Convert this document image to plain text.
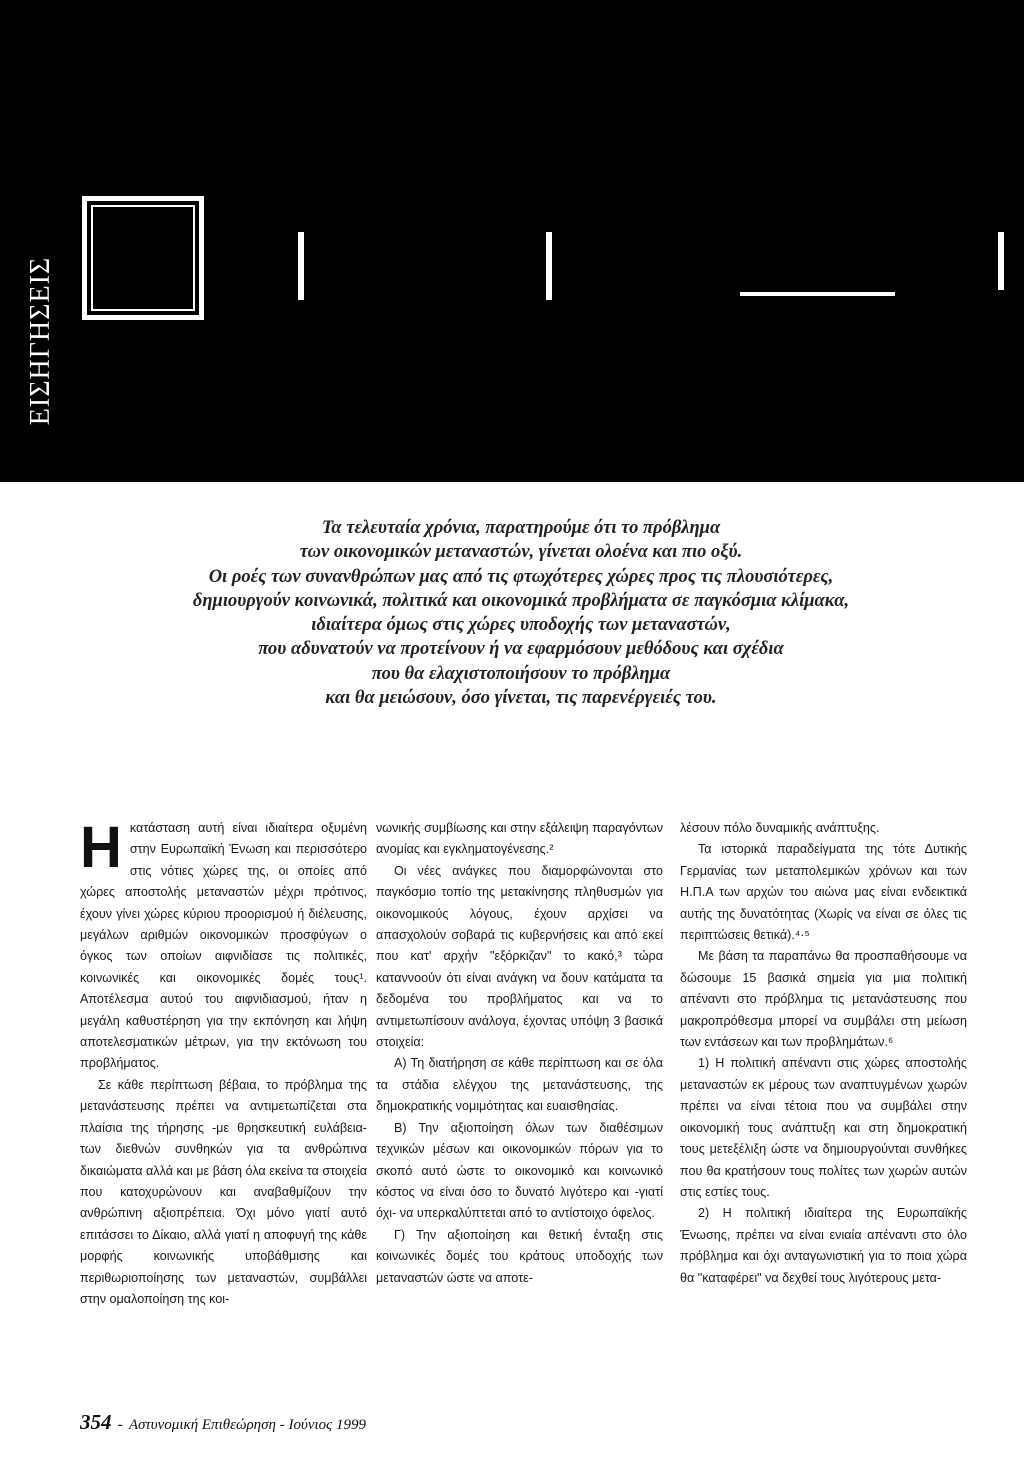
ΕΙΣΗΓΗΣΕΙΣ

Τα τελευταία χρόνια, παρατηρούμε ότι το πρόβλημα

των οικονομικών μεταναστών, γίνεται ολοένα και πιο οξύ.

Οι ροές των συνανθρώπων μας από τις φτωχότερες χώρες προς τις πλουσιότερες,

δημιουργούν κοινωνικά, πολιτικά και οικονομικά προβλήματα σε παγκόσμια κλίμακα,

ιδιαίτερα όμως στις χώρες υποδοχής των μεταναστών,

που αδυνατούν να προτείνουν ή να εφαρμόσουν μεθόδους και σχέδια

που θα ελαχιστοποιήσουν το πρόβλημα

και θα μειώσουν, όσο γίνεται, τις παρενέργειές του.

Η κατάσταση αυτή είναι ιδιαίτερα οξυμένη στην Ευρωπαϊκή Ένωση και περισσότερο στις νότιες χώρες της, οι οποίες από χώρες αποστολής μεταναστών μέχρι πρότινος, έχουν γίνει χώρες κύριου προορισμού ή διέλευσης, μεγάλων αριθμών οικονομικών προσφύγων ο όγκος των οποίων αιφνιδίασε τις πολιτικές, κοινωνικές και οικονομικές δομές τους¹. Αποτέλεσμα αυτού του αιφνιδιασμού, ήταν η μεγάλη καθυστέρηση για την εκπόνηση και λήψη αποτελεσματικών μέτρων, για την εκτόνωση του προβλήματος.

Σε κάθε περίπτωση βέβαια, το πρόβλημα της μετανάστευσης πρέπει να αντιμετωπίζεται στα πλαίσια της τήρησης -με θρησκευτική ευλάβεια- των διεθνών συνθηκών για τα ανθρώπινα δικαιώματα αλλά και με βάση όλα εκείνα τα στοιχεία που κατοχυρώνουν και αναβαθμίζουν την ανθρώπινη αξιοπρέπεια. Όχι μόνο γιατί αυτό επιτάσσει το Δίκαιο, αλλά γιατί η αποφυγή της κάθε μορφής κοινωνικής υποβάθμισης και περιθωριοποίησης των μεταναστών, συμβάλλει στην ομαλοποίηση της κοι-

νωνικής συμβίωσης και στην εξάλειψη παραγόντων ανομίας και εγκληματογένεσης.²

Οι νέες ανάγκες που διαμορφώνονται στο παγκόσμιο τοπίο της μετακίνησης πληθυσμών για οικονομικούς λόγους, έχουν αρχίσει να απασχολούν σοβαρά τις κυβερνήσεις και από εκεί που κατ' αρχήν "εξόρκιζαν" το κακό,³ τώρα καταννοούν ότι είναι ανάγκη να δουν κατάματα τα δεδομένα του προβλήματος και να το αντιμετωπίσουν ανάλογα, έχοντας υπόψη 3 βασικά στοιχεία:

Α) Τη διατήρηση σε κάθε περίπτωση και σε όλα τα στάδια ελέγχου της μετανάστευσης, της δημοκρατικής νομιμότητας και ευαισθησίας.

Β) Την αξιοποίηση όλων των διαθέσιμων τεχνικών μέσων και οικονομικών πόρων για το σκοπό αυτό ώστε το οικονομικό και κοινωνικό κόστος να είναι όσο το δυνατό λιγότερο και -γιατί όχι- να υπερκαλύπτεται από το αντίστοιχο όφελος.

Γ) Την αξιοποίηση και θετική ένταξη στις κοινωνικές δομές του κράτους υποδοχής των μεταναστών ώστε να αποτε-

λέσουν πόλο δυναμικής ανάπτυξης.

Τα ιστορικά παραδείγματα της τότε Δυτικής Γερμανίας των μεταπολεμικών χρόνων και των Η.Π.Α των αρχών του αιώνα μας είναι ενδεικτικά αυτής της δυνατότητας (Χωρίς να είναι σε όλες τις περιπτώσεις θετικά).⁴·⁵

Με βάση τα παραπάνω θα προσπαθήσουμε να δώσουμε 15 βασικά σημεία για μια πολιτική απέναντι στο πρόβλημα τις μετανάστευσης που μακροπρόθεσμα μπορεί να συμβάλει στη μείωση των εντάσεων και των προβλημάτων.⁶

1) Η πολιτική απέναντι στις χώρες αποστολής μεταναστών εκ μέρους των αναπτυγμένων χωρών πρέπει να είναι τέτοια που να συμβάλει στην οικονομική τους ανάπτυξη και στη δημοκρατική τους μετεξέλιξη ώστε να δημιουργούνται συνθήκες που θα κρατήσουν τους πολίτες των χωρών αυτών στις εστίες τους.

2) Η πολιτική ιδιαίτερα της Ευρωπαϊκής Ένωσης, πρέπει να είναι ενιαία απέναντι στο όλο πρόβλημα και όχι ανταγωνιστική για το ποια χώρα θα "καταφέρει" να δεχθεί τους λιγότερους μετα-

354 - Αστυνομική Επιθεώρηση - Ιούνιος 1999
